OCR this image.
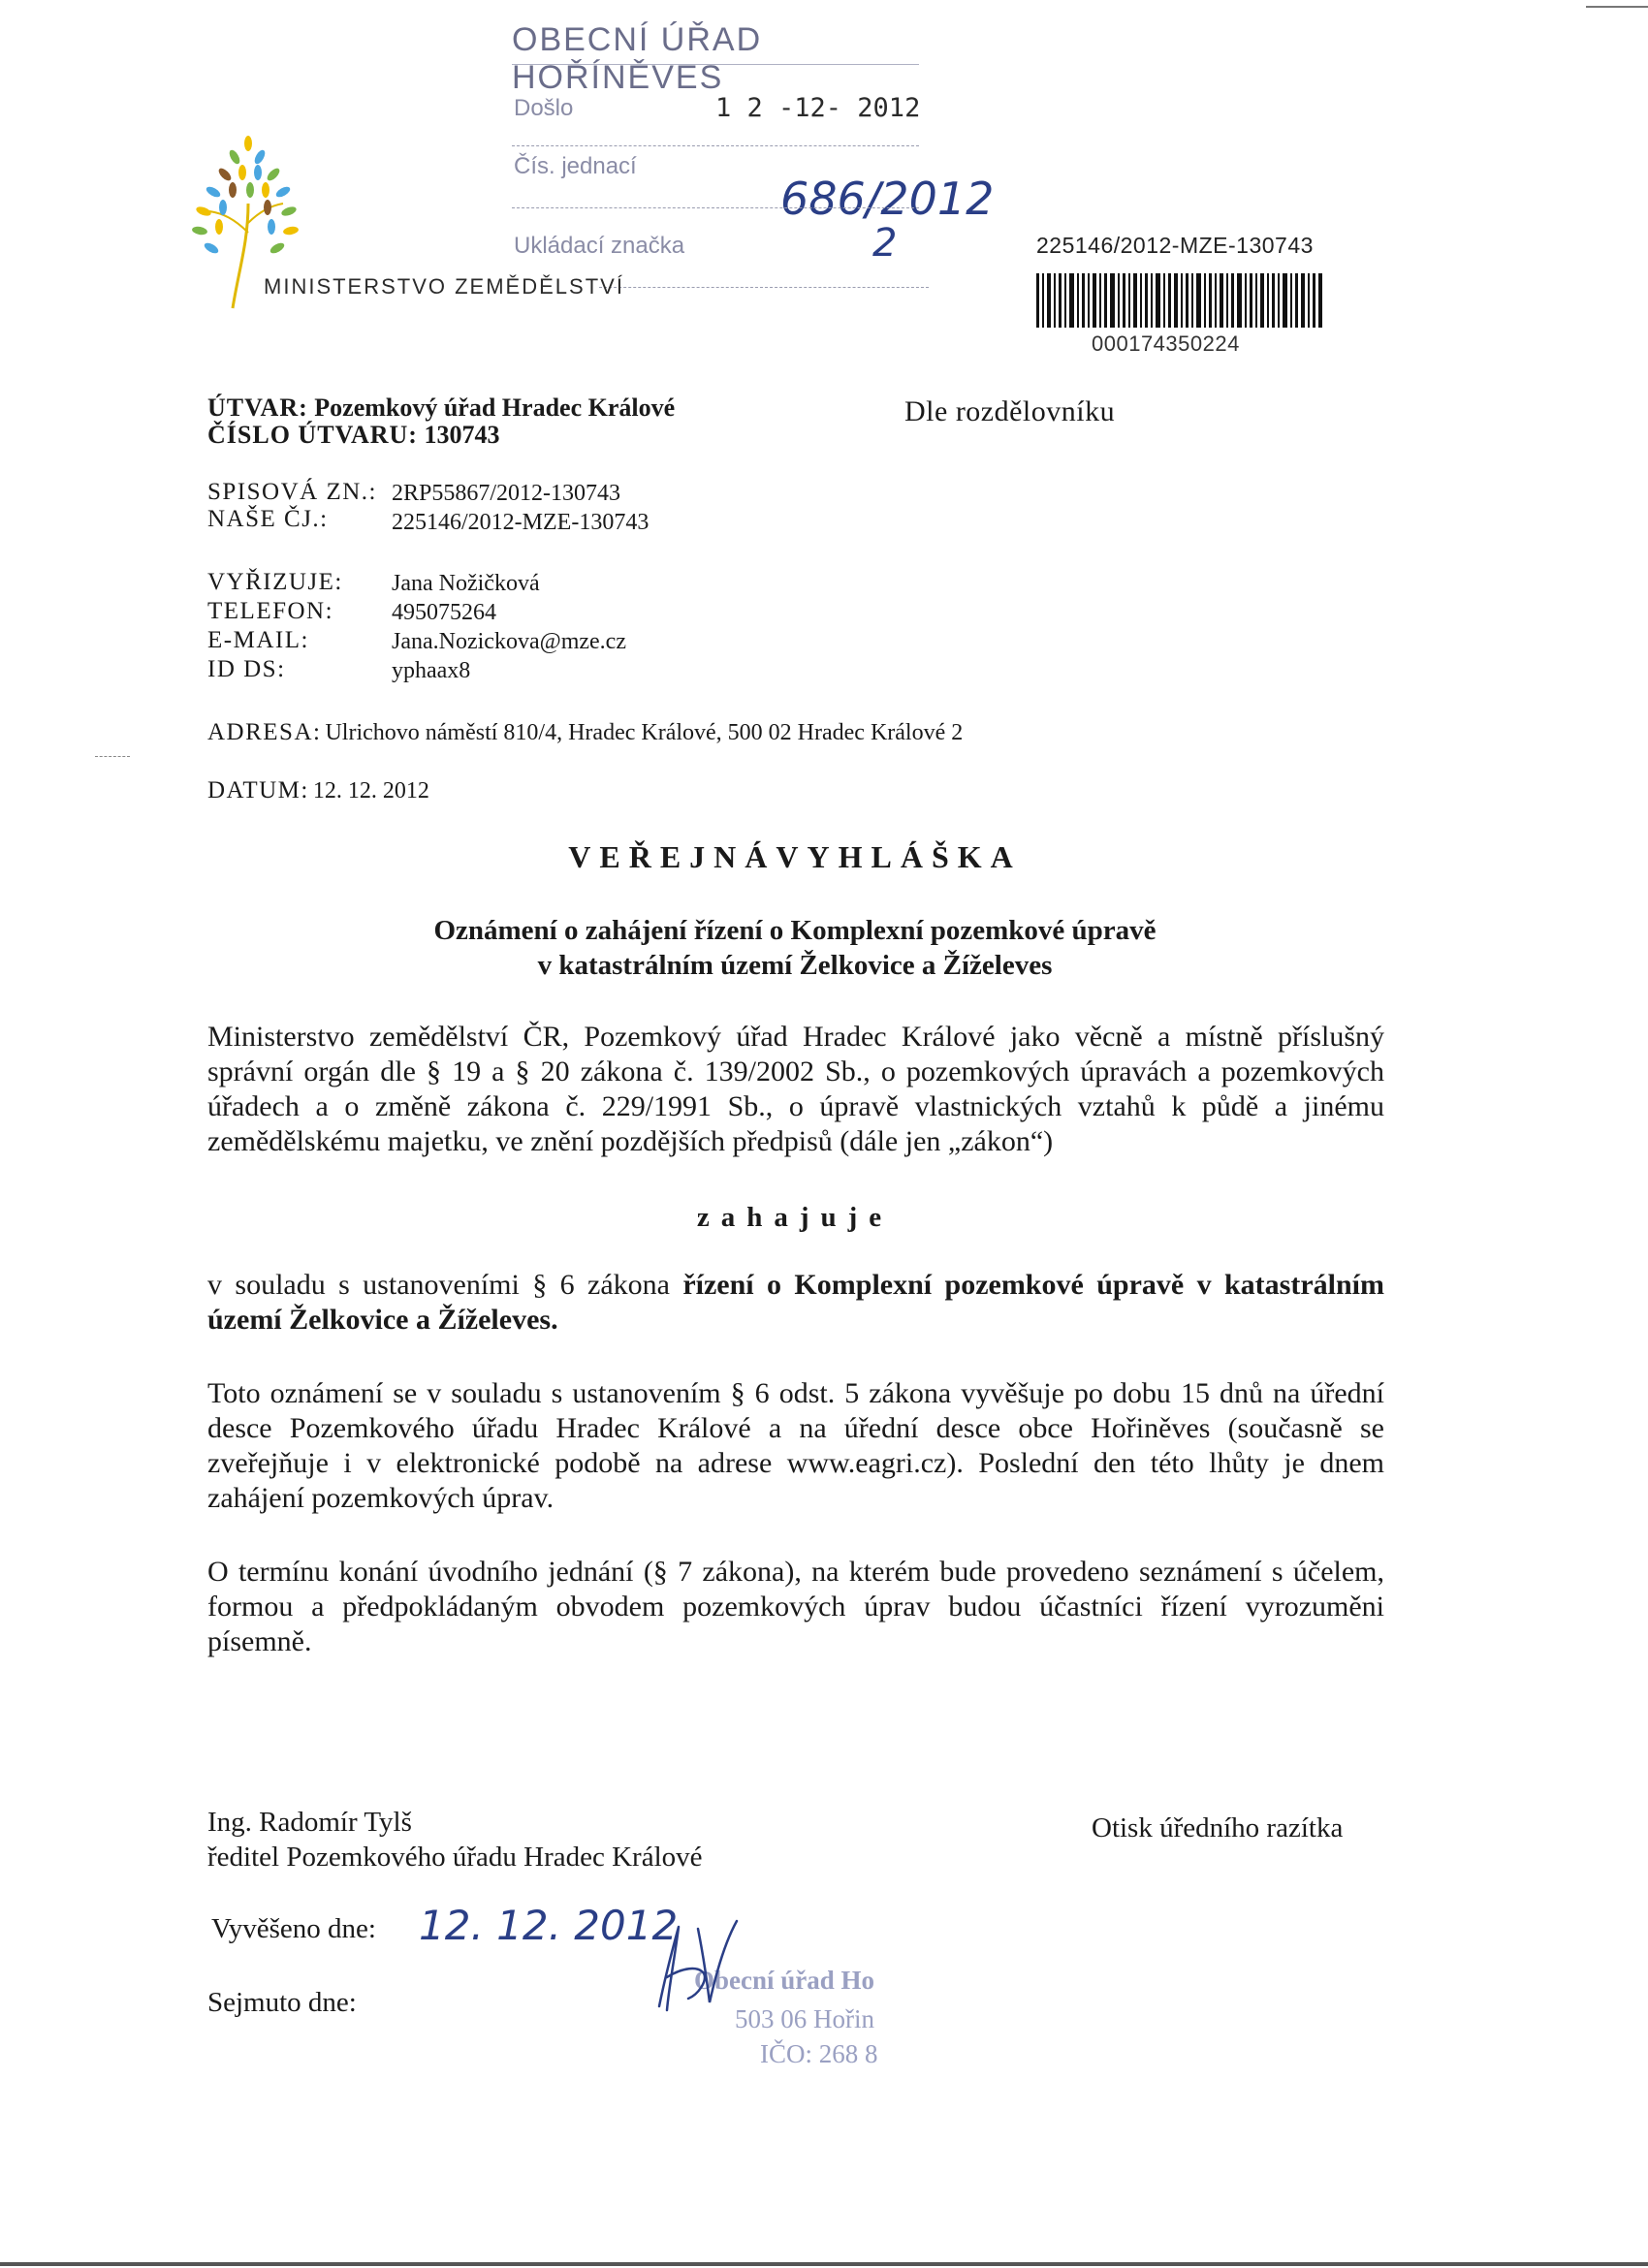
OBECNÍ ÚŘAD HOŘÍNĚVES
Došlo	1 2 -12- 2012
Čís. jednací
686/2012
Ukládací značka	2
MINISTERSTVO ZEMĚDĚLSTVÍ
225146/2012-MZE-130743
000174350224
ÚTVAR: Pozemkový úřad Hradec Králové
ČÍSLO ÚTVARU: 130743
Dle rozdělovníku
SPISOVÁ ZN.: 2RP55867/2012-130743
NAŠE ČJ.:	225146/2012-MZE-130743
VYŘIZUJE: Jana Nožičková
TELEFON: 495075264
E-MAIL:	Jana.Nozickova@mze.cz
ID DS:	yphaax8
ADRESA: Ulrichovo náměstí 810/4, Hradec Králové, 500 02 Hradec Králové 2
DATUM: 12. 12. 2012
VEŘEJNÁVYHLÁŠKA
Oznámení o zahájení řízení o Komplexní pozemkové úpravě
v katastrálním území Želkovice a Žíželeves

Ministerstvo zemědělství ČR, Pozemkový úřad Hradec Králové jako věcně a místně příslušný správní orgán dle § 19 a § 20 zákona č. 139/2002 Sb., o pozemkových úpravách a pozemkových úřadech a o změně zákona č. 229/1991 Sb., o úpravě vlastnických vztahů k půdě a jinému zemědělskému majetku, ve znění pozdějších předpisů (dále jen „zákon“)

zahajuje

v souladu s ustanoveními § 6 zákona řízení o Komplexní pozemkové úpravě v katastrálním území Želkovice a Žíželeves.

Toto oznámení se v souladu s ustanovením § 6 odst. 5 zákona vyvěšuje po dobu 15 dnů na úřední desce Pozemkového úřadu Hradec Králové a na úřední desce obce Hořiněves (současně se zveřejňuje i v elektronické podobě na adrese www.eagri.cz). Poslední den této lhůty je dnem zahájení pozemkových úprav.

O termínu konání úvodního jednání (§ 7 zákona), na kterém bude provedeno seznámení s účelem, formou a předpokládaným obvodem pozemkových úprav budou účastníci řízení vyrozuměni písemně.

Ing. Radomír Tylš
ředitel Pozemkového úřadu Hradec Králové
Otisk úředního razítka
Vyvěšeno dne: 12. 12. 2012
Sejmuto dne:
Obecní úřad Ho
503 06 Hořin
IČO: 268 8
